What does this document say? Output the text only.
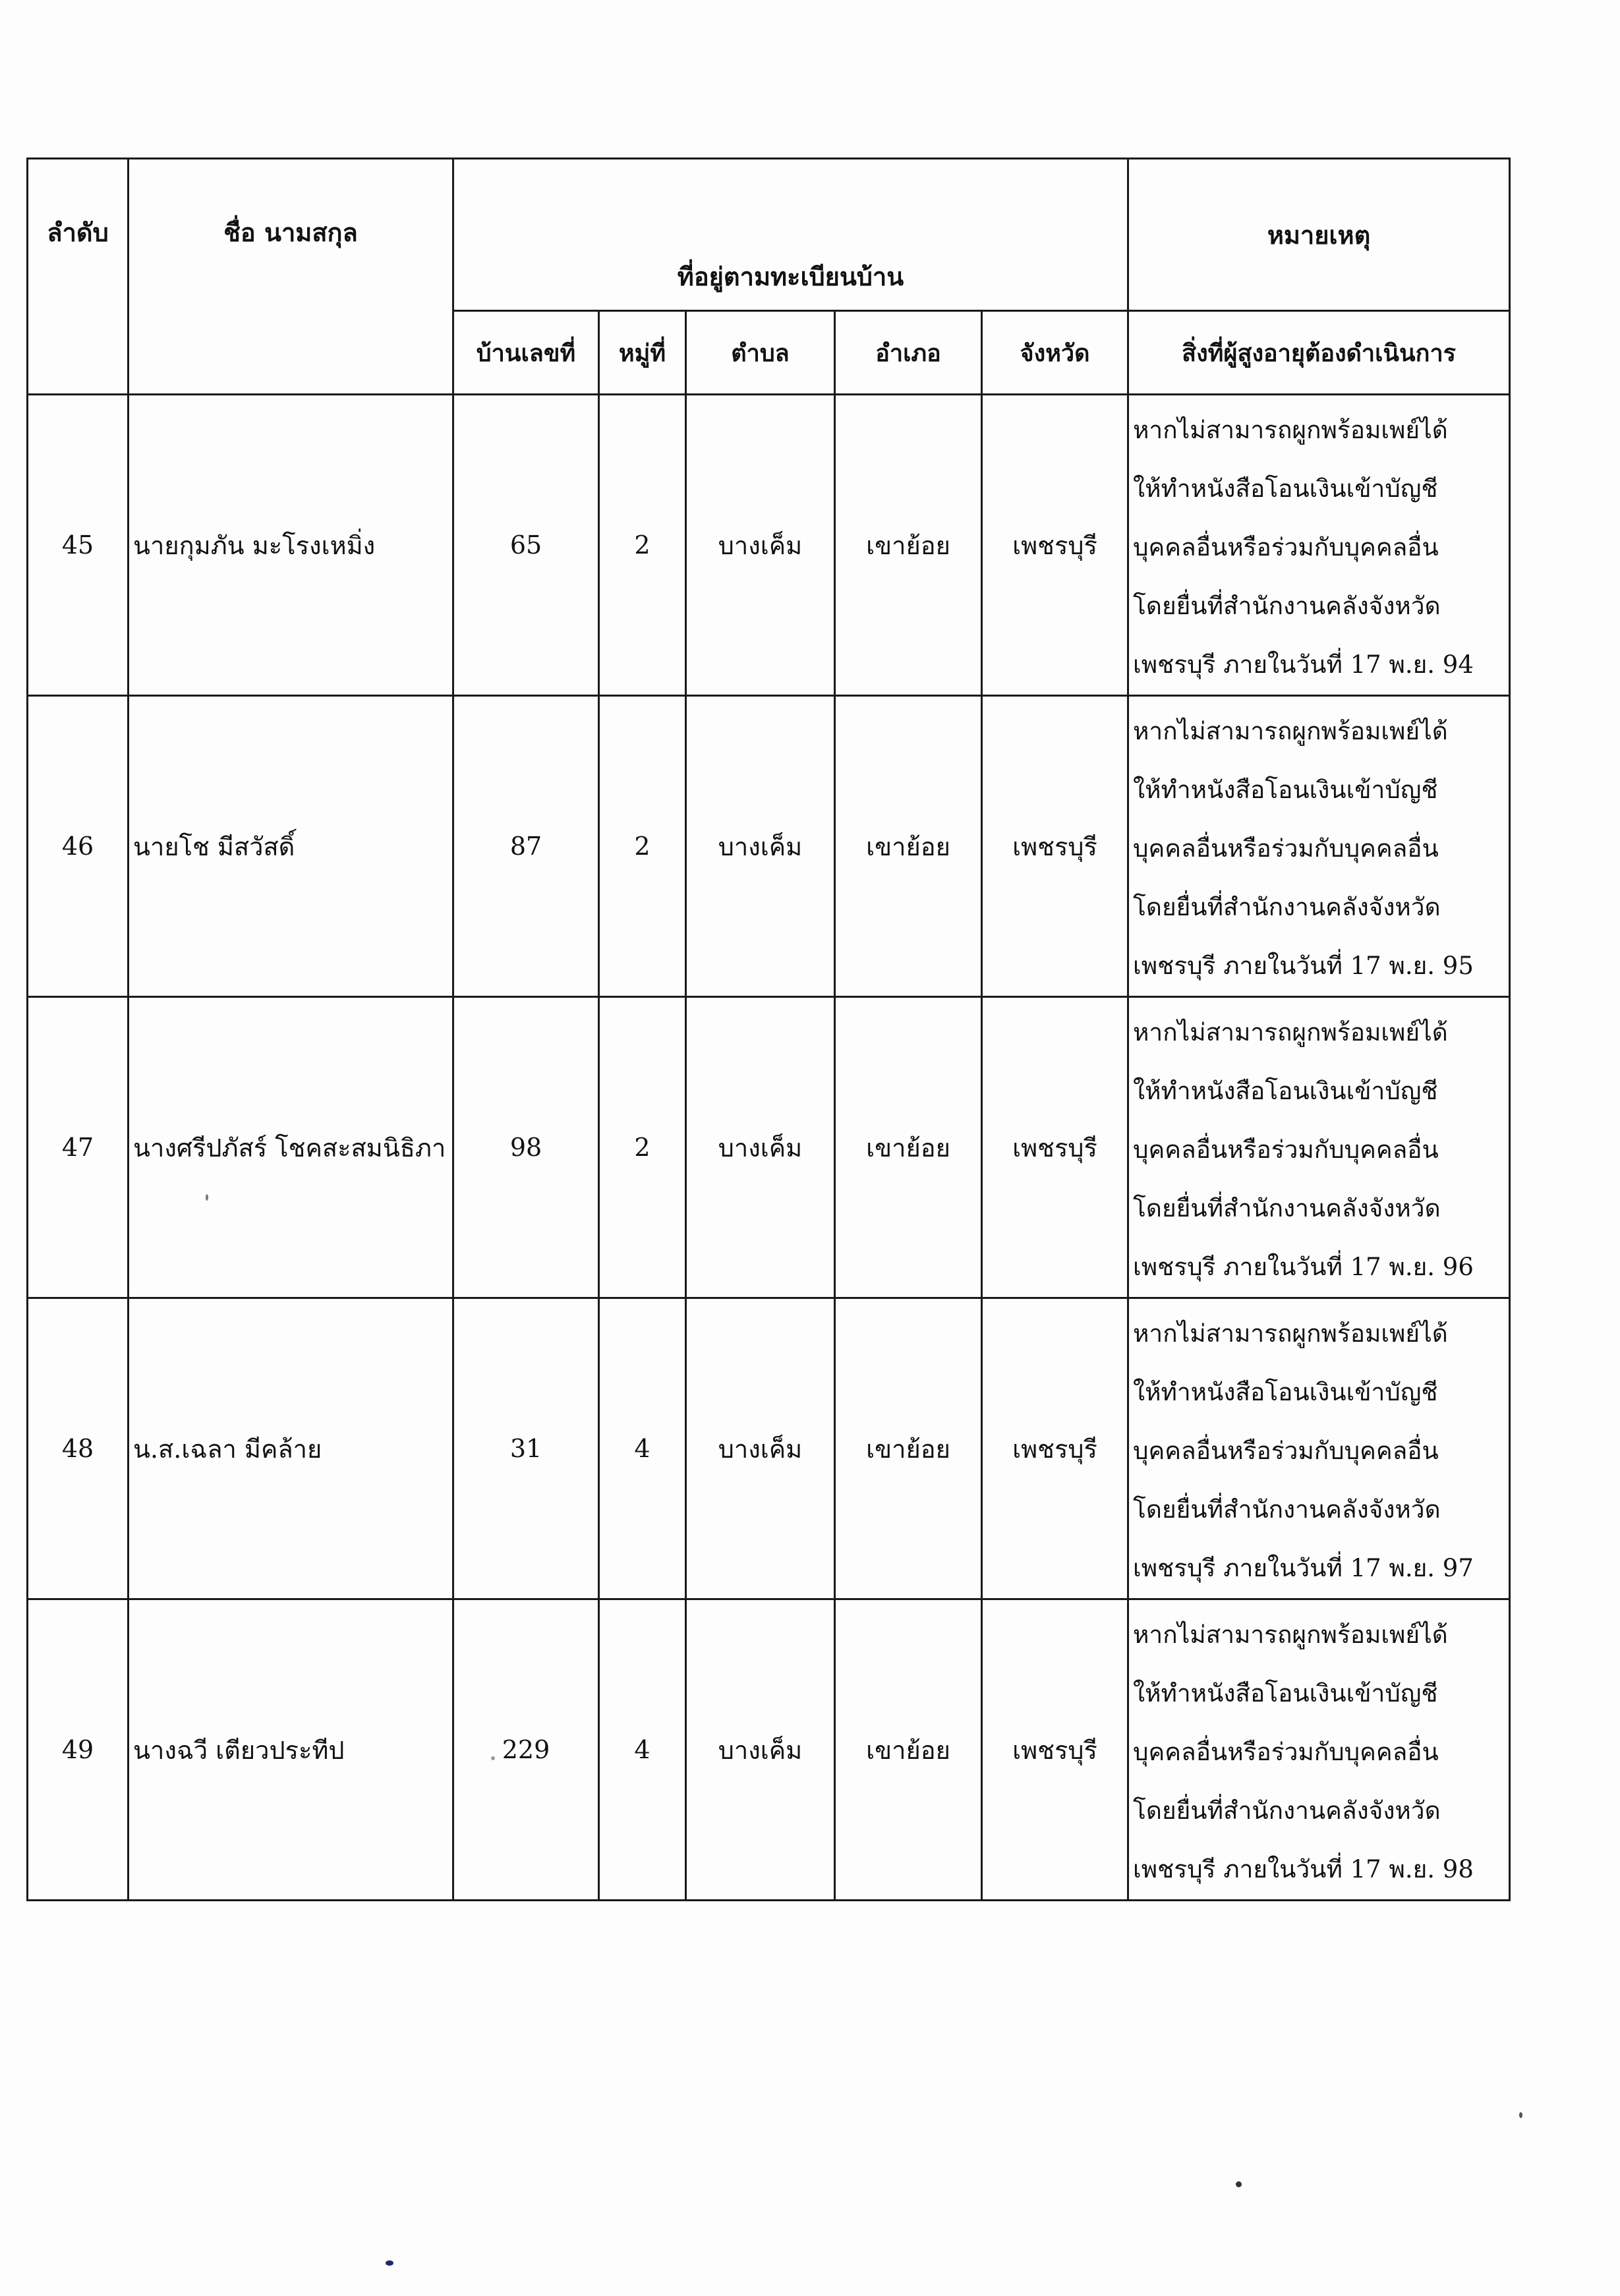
ลำดับ	ชื่อ นามสกุล	ที่อยู่ตามทะเบียนบ้าน					หมายเหตุ
		บ้านเลขที่	หมู่ที่	ตำบล	อำเภอ	จังหวัด	สิ่งที่ผู้สูงอายุต้องดำเนินการ
45	นายกุมภัน มะโรงเหมิ่ง	65	2	บางเค็ม	เขาย้อย	เพชรบุรี	หากไม่สามารถผูกพร้อมเพย์ได้
ให้ทำหนังสือโอนเงินเข้าบัญชี
บุคคลอื่นหรือร่วมกับบุคคลอื่น
โดยยื่นที่สำนักงานคลังจังหวัด
เพชรบุรี ภายในวันที่ 17 พ.ย. 94

46	นายโช มีสวัสดิ์	87	2	บางเค็ม	เขาย้อย	เพชรบุรี	หากไม่สามารถผูกพร้อมเพย์ได้
ให้ทำหนังสือโอนเงินเข้าบัญชี
บุคคลอื่นหรือร่วมกับบุคคลอื่น
โดยยื่นที่สำนักงานคลังจังหวัด
เพชรบุรี ภายในวันที่ 17 พ.ย. 95

47	นางศรีปภัสร์ โชคสะสมนิธิภา	98	2	บางเค็ม	เขาย้อย	เพชรบุรี	หากไม่สามารถผูกพร้อมเพย์ได้
ให้ทำหนังสือโอนเงินเข้าบัญชี
บุคคลอื่นหรือร่วมกับบุคคลอื่น
โดยยื่นที่สำนักงานคลังจังหวัด
เพชรบุรี ภายในวันที่ 17 พ.ย. 96

48	น.ส.เฉลา มีคล้าย	31	4	บางเค็ม	เขาย้อย	เพชรบุรี	หากไม่สามารถผูกพร้อมเพย์ได้
ให้ทำหนังสือโอนเงินเข้าบัญชี
บุคคลอื่นหรือร่วมกับบุคคลอื่น
โดยยื่นที่สำนักงานคลังจังหวัด
เพชรบุรี ภายในวันที่ 17 พ.ย. 97

49	นางฉวี เตียวประทีป	229	4	บางเค็ม	เขาย้อย	เพชรบุรี	หากไม่สามารถผูกพร้อมเพย์ได้
ให้ทำหนังสือโอนเงินเข้าบัญชี
บุคคลอื่นหรือร่วมกับบุคคลอื่น
โดยยื่นที่สำนักงานคลังจังหวัด
เพชรบุรี ภายในวันที่ 17 พ.ย. 98
